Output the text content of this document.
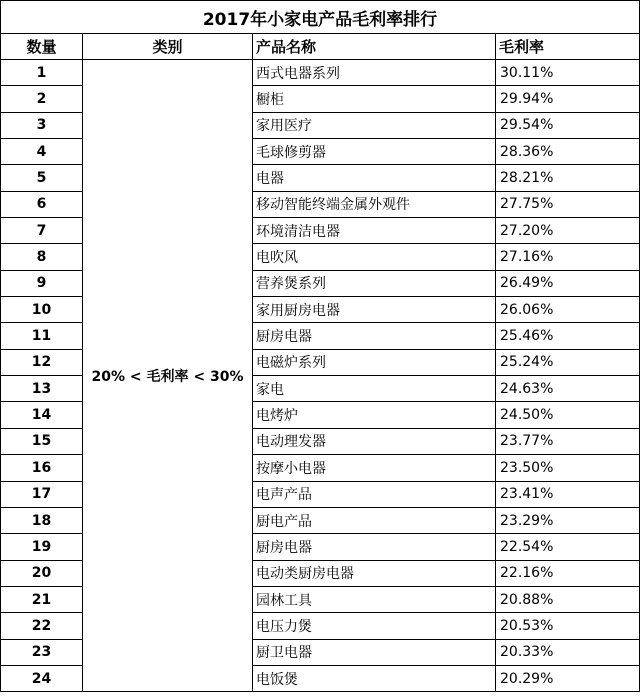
2017年小家电产品毛利率排行			
数量	类别	产品名称	毛利率
1	20% < 毛利率 < 30%	西式电器系列	30.11%
2		橱柜	29.94%
3		家用医疗	29.54%
4		毛球修剪器	28.36%
5		电器	28.21%
6		移动智能终端金属外观件	27.75%
7		环境清洁电器	27.20%
8		电吹风	27.16%
9		营养煲系列	26.49%
10		家用厨房电器	26.06%
11		厨房电器	25.46%
12		电磁炉系列	25.24%
13		家电	24.63%
14		电烤炉	24.50%
15		电动理发器	23.77%
16		按摩小电器	23.50%
17		电声产品	23.41%
18		厨电产品	23.29%
19		厨房电器	22.54%
20		电动类厨房电器	22.16%
21		园林工具	20.88%
22		电压力煲	20.53%
23		厨卫电器	20.33%
24		电饭煲	20.29%
